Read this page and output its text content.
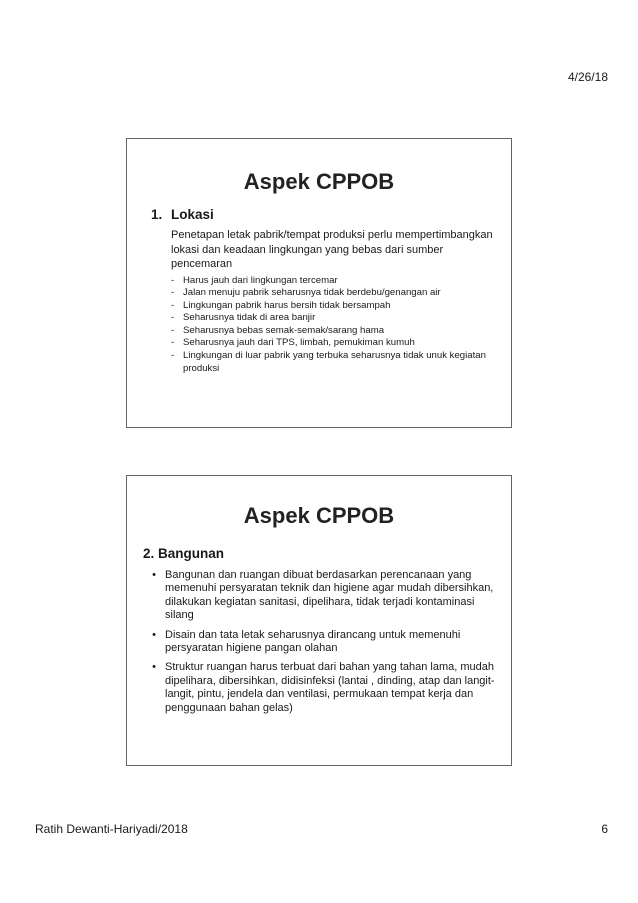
4/26/18
Aspek CPPOB
1. Lokasi

Penetapan letak pabrik/tempat produksi perlu mempertimbangkan lokasi dan keadaan lingkungan yang bebas dari sumber pencemaran

- Harus jauh dari lingkungan tercemar
- Jalan menuju pabrik seharusnya tidak berdebu/genangan air
- Lingkungan pabrik harus bersih tidak bersampah
- Seharusnya tidak di area banjir
- Seharusnya bebas semak-semak/sarang hama
- Seharusnya jauh dari TPS, limbah, pemukiman kumuh
- Lingkungan di luar pabrik yang terbuka seharusnya tidak unuk kegiatan produksi
Aspek CPPOB
2. Bangunan
• Bangunan dan ruangan dibuat berdasarkan perencanaan yang memenuhi persyaratan teknik dan higiene agar mudah dibersihkan, dilakukan kegiatan sanitasi, dipelihara, tidak terjadi kontaminasi silang
• Disain dan tata letak seharusnya dirancang untuk memenuhi persyaratan higiene pangan olahan
• Struktur ruangan harus terbuat dari bahan yang tahan lama, mudah dipelihara, dibersihkan, didisinfeksi (lantai , dinding, atap dan langit-langit, pintu, jendela dan ventilasi, permukaan tempat kerja dan penggunaan bahan gelas)
Ratih Dewanti-Hariyadi/2018	6
